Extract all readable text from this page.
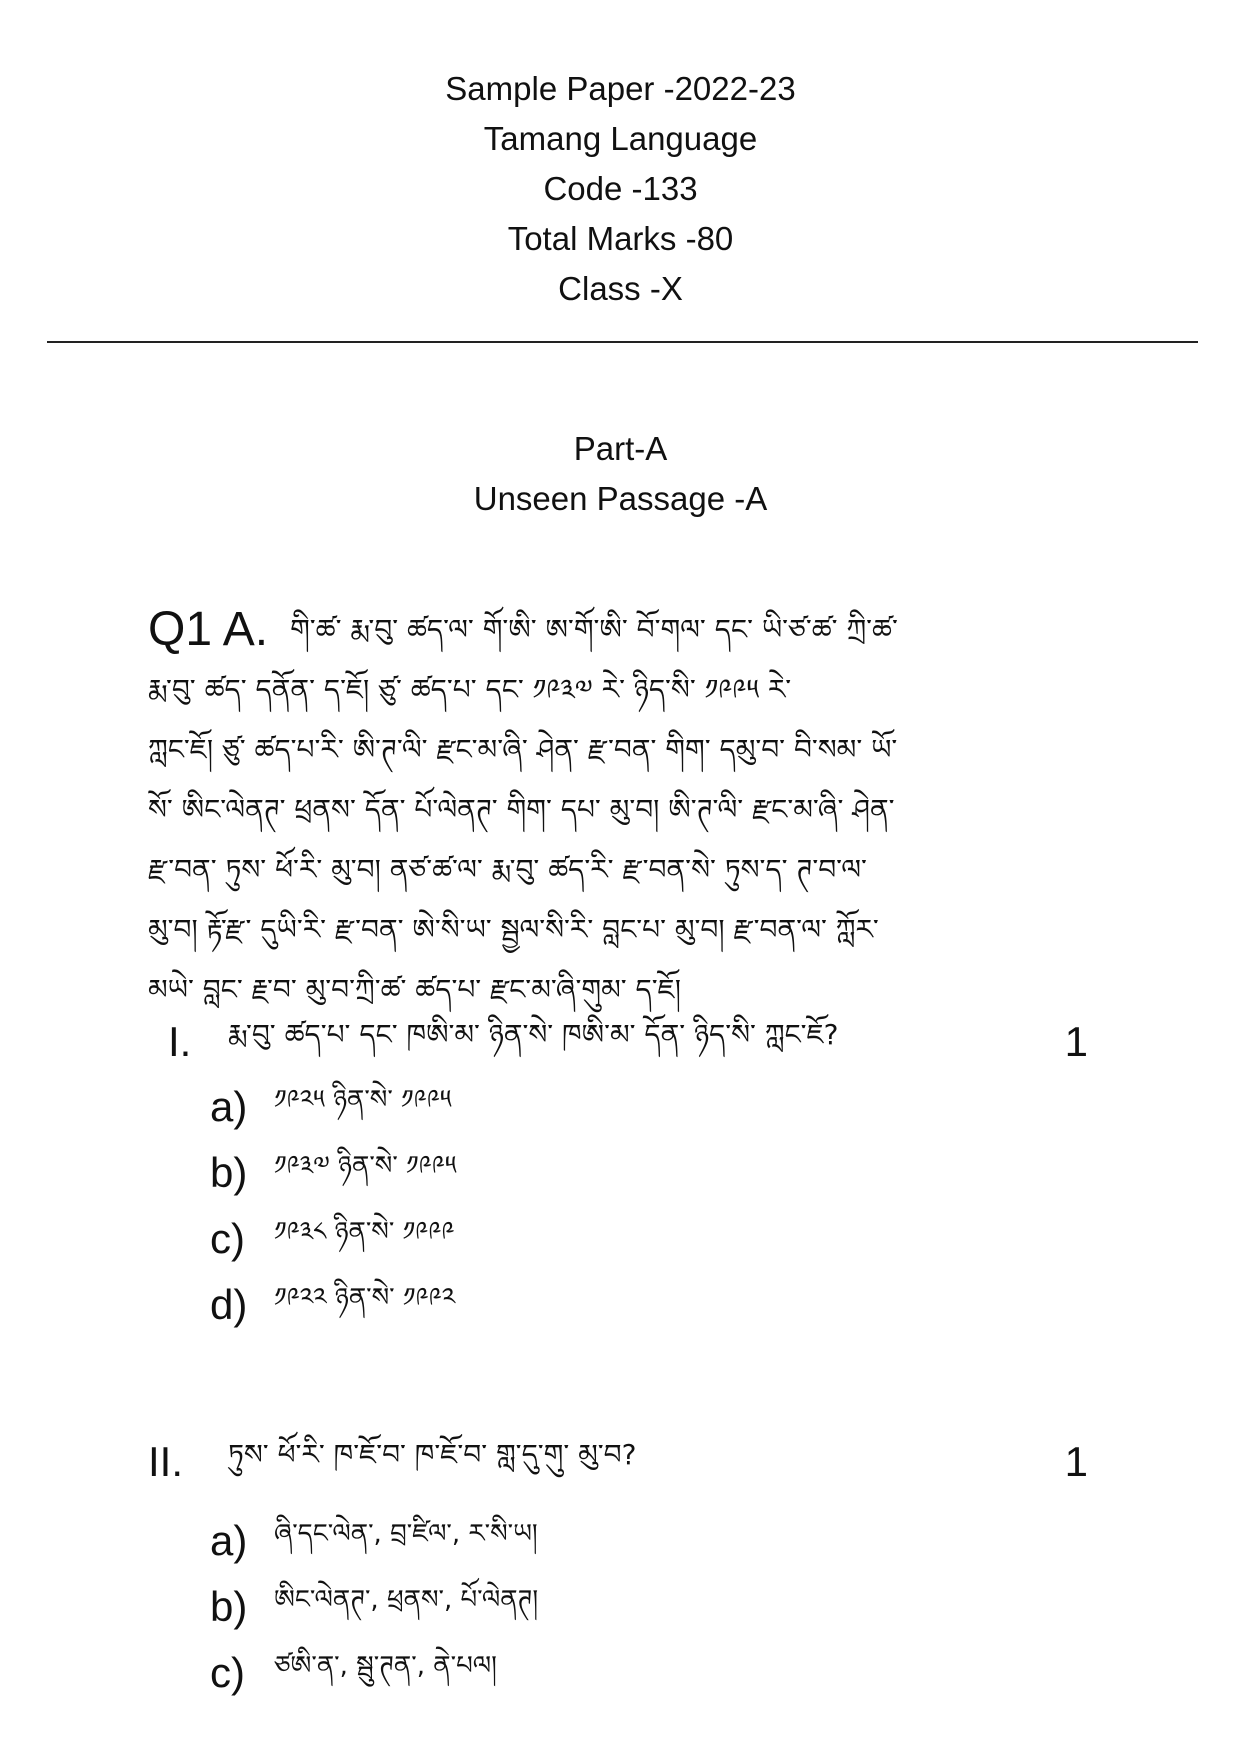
Sample Paper -2022-23
Tamang Language
Code -133
Total Marks -80
Class -X
Part-A
Unseen Passage -A
Q1 A. གི་ཚ་ རྨ་བུ་ ཚད་ལ་ གོ་ཨི་ ཨ་གོ་ཨི་ བོ་གལ་ དང་ ཡི་ཙ་ཚ་ ཀྲི་ཚ་
རྨ་བུ་ ཚད་ དནོན་ ད་ཇོ། ཙུ་ ཚད་པ་ དང་ ༡༩༣༧ རེ་ ཉིད་སི་ ༡༩༩༥ རེ་
ཀླང་ཇོ། ཙུ་ ཚད་པ་རི་ ཨི་ཊ་ལི་ རྫང་མ་ཞི་ ཤེན་ རྫ་བན་ གིག་ དམུ་བ་ བི་སམ་ ཡོ་
སོ་ ཨིང་ལེནཊ་ ཕྲནས་ དོན་ པོ་ལེནཊ་ གིག་ དཔ་ མུ་བ། ཨི་ཊ་ལི་ རྫང་མ་ཞི་ ཤེན་
རྫ་བན་ ཏུས་ ཕོ་རི་ མུ་བ། ནཙ་ཚ་ལ་ རྨ་བུ་ ཚད་རི་ རྫ་བན་སེ་ ཏུས་ད་ ཊ་བ་ལ་
མུ་བ། རྟོ་རྫ་ དུཡི་རི་ རྫ་བན་ ཨེ་སི་ཡ་ སྦྱལ་སི་རི་ བླང་པ་ མུ་བ། རྫ་བན་ལ་ ཀློར་
མཡེ་ བླང་ རྗ་བ་ མུ་བ་ཀྲི་ཚ་ ཚད་པ་ རྫང་མ་ཞི་གུམ་ ད་ཇོ།
I.	རྨ་བུ་ ཚད་པ་ དང་ ཁཨི་མ་ ཉིན་སེ་ ཁཨི་མ་ དོན་ ཉིད་སི་ ཀླང་ཇོ?	1
a)	༡༩༢༥ ཉིན་སེ་ ༡༩༩༥
b)	༡༩༣༧ ཉིན་སེ་ ༡༩༩༥
c)	༡༩༣༨ ཉིན་སེ་ ༡༩༩༩
d)	༡༩༢༢ ཉིན་སེ་ ༡༩༩༢
II.	ཏུས་ ཕོ་རི་ ཁ་ཇོ་བ་ ཁ་ཇོ་བ་ གླ་དུ་གུ་ མུ་བ?	1
a)	ཞི་དང་ལེན་, བྲ་ཛིལ་, ར་སི་ཡ།
b)	ཨིང་ལེནཊ་, ཕྲནས་, པོ་ལེནཊ།
c)	ཙཨི་ན་, སྦུ་ཊན་, ནེ་པལ།
